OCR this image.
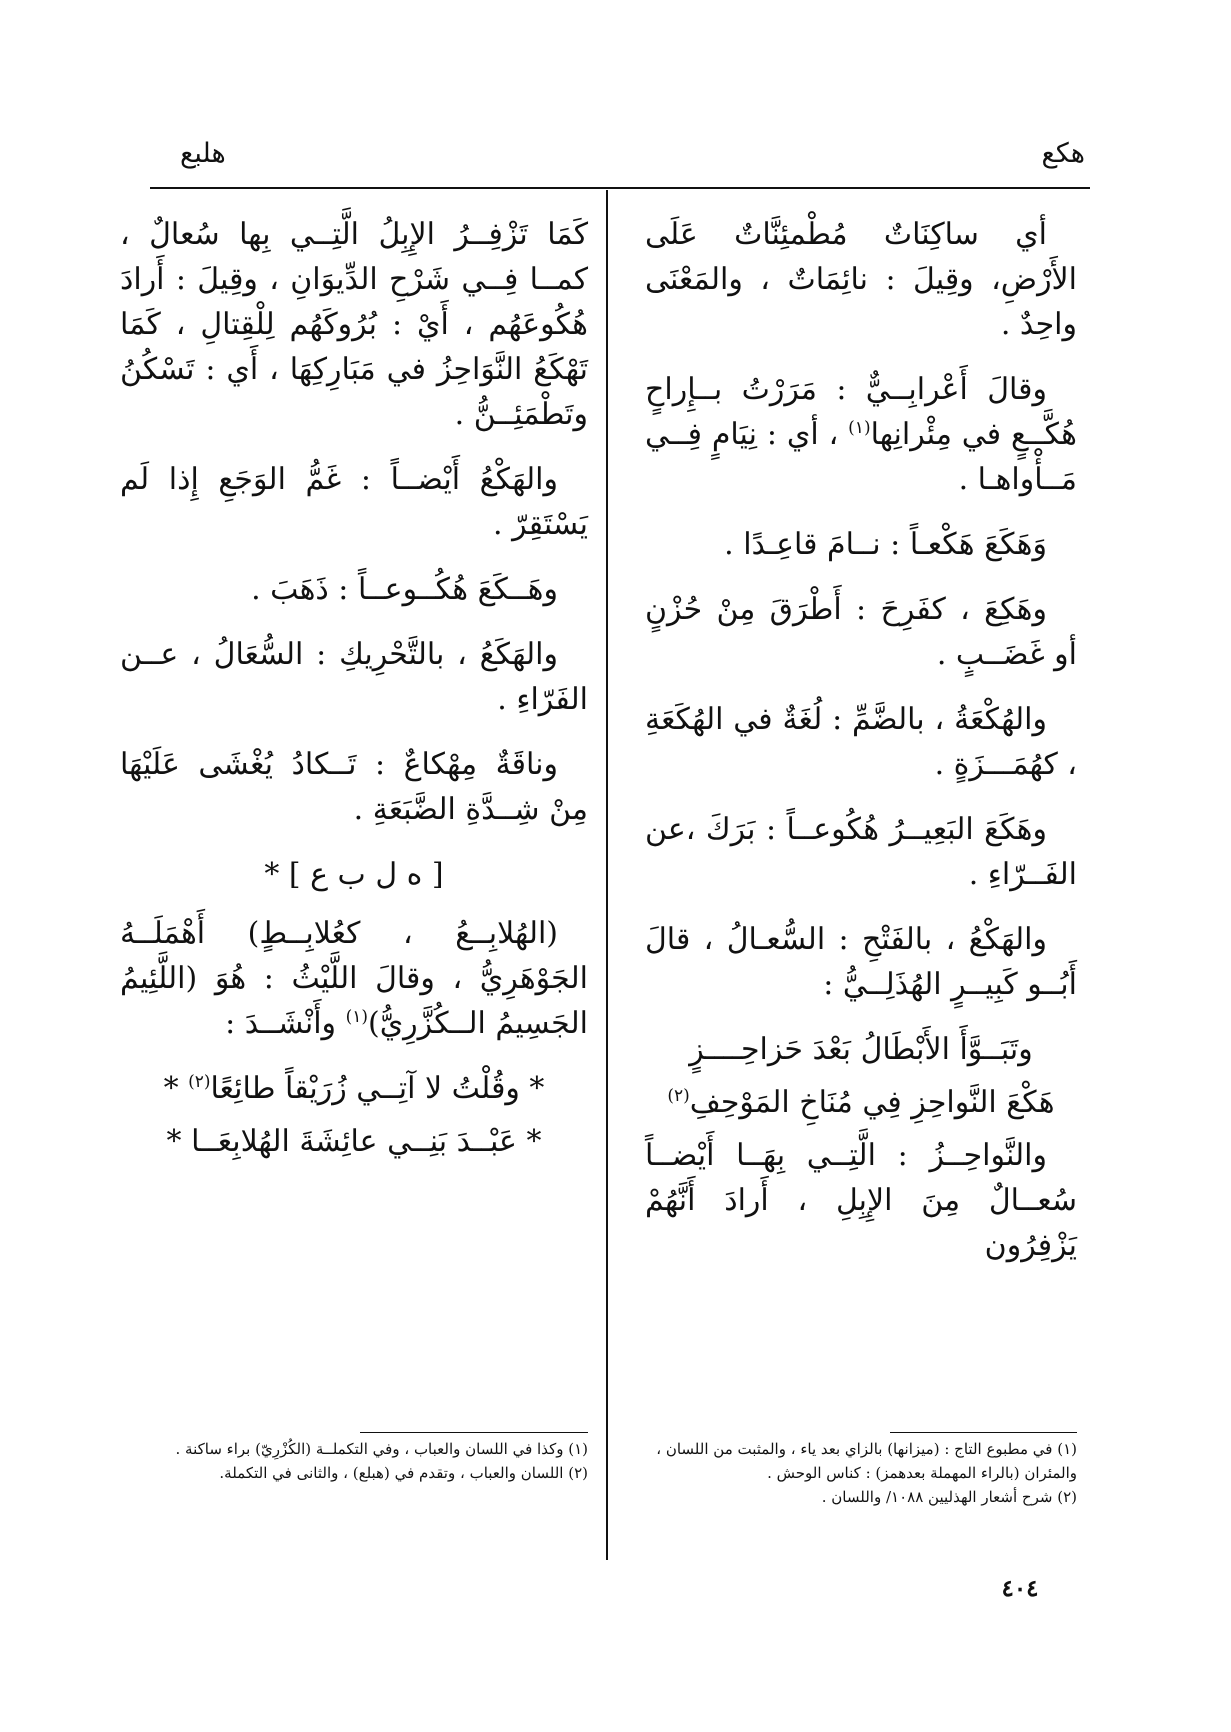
هكع
هلبع

أي ساكِنَاتٌ مُطْمئِنَّاتٌ عَلَى الأَرْضِ، وقِيلَ : نائِمَاتٌ ، والمَعْنَى واحِدٌ .

وقالَ أَعْرابِــيٌّ : مَرَرْتُ بــإِراحٍ هُكَّــعٍ في مِئْرانِها$^{(١)}$ ، أي : نِيَامٍ فِــي مَــأْواهـا .

وَهَكَعَ هَكْعـاً : نــامَ قاعِـدًا .

وهَكِعَ ، كفَرِحَ : أَطْرَقَ مِنْ حُزْنٍ أو غَضَــبٍ .

والهُكْعَةُ ، بالضَّمِّ : لُغَةٌ في الهُكَعَةِ ، كهُمَـــزَةٍ .

وهَكَعَ البَعِيــرُ هُكُوعــاً : بَرَكَ ،عن الفَــرّاءِ .

والهَكْعُ ، بالفَتْحِ : السُّعـالُ ، قالَ أَبُــو كَبِيــرٍ الهُذَلِــيُّ :

وتَبَــوَّأَ الأَبْطَالُ بَعْدَ حَزاحِــــزٍ

هَكْعَ النَّواحِزِ فِي مُنَاخِ المَوْحِفِ$^{(٢)}$

والنَّواحِــزُ : الَّتِــي بِهَــا أَيْضــاً سُعــالٌ مِنَ الإِبِلِ ، أَرادَ أَنَّهُمْ يَزْفِرُون

كَمَا تَزْفِــرُ الإِبِلُ الَّتِــي بِها سُعالٌ ، كمــا فِــي شَرْحِ الدِّيوَانِ ، وقِيلَ : أَرادَ هُكُوعَهُم ، أَيْ : بُرُوكَهُم لِلْقِتالِ ، كَمَا تَهْكَعُ النَّوَاحِزُ في مَبَارِكِهَا ، أَي : تَسْكُنُ وتَطْمَئِــنُّ .

والهَكْعُ أَيْضــاً : غَمُّ الوَجَعِ إِذا لَم يَسْتَقِرّ .

وهَــكَعَ هُكُــوعــاً : ذَهَبَ .

والهَكَعُ ، بالتَّحْرِيكِ : السُّعَالُ ، عــن الفَرّاءِ .

وناقَةٌ مِهْكاعٌ : تَــكادُ يُغْشَى عَلَيْهَا مِنْ شِــدَّةِ الضَّبَعَةِ .

[ ه ل ب ع ] *

(الهُلابِــعُ ، كعُلابِــطٍ) أَهْمَلَــهُ الجَوْهَرِيُّ ، وقالَ اللَّيْثُ : هُوَ (اللَّئِيمُ الجَسِيمُ الــكُزَّرِيُّ)$^{(١)}$ وأَنْشَــدَ :

* وقُلْتُ لا آتِــي زُرَيْقاً طائِعًا$^{(٢)}$ *

* عَبْــدَ بَنِــي عائِشَةَ الهُلابِعَــا *

(١) في مطبوع التاج : (ميزانها) بالزاي بعد ياء ، والمثبت من اللسان ، والمئران (بالراء المهملة بعدهمز) : كناس الوحش .

(٢) شرح أشعار الهذليين ١٠٨٨/ واللسان .

(١) وكذا في اللسان والعباب ، وفي التكملــة (الكُزْرِيّ) براء ساكنة .

(٢) اللسان والعباب ، وتقدم في (هبلع) ، والثانى في التكملة.

٤٠٤
